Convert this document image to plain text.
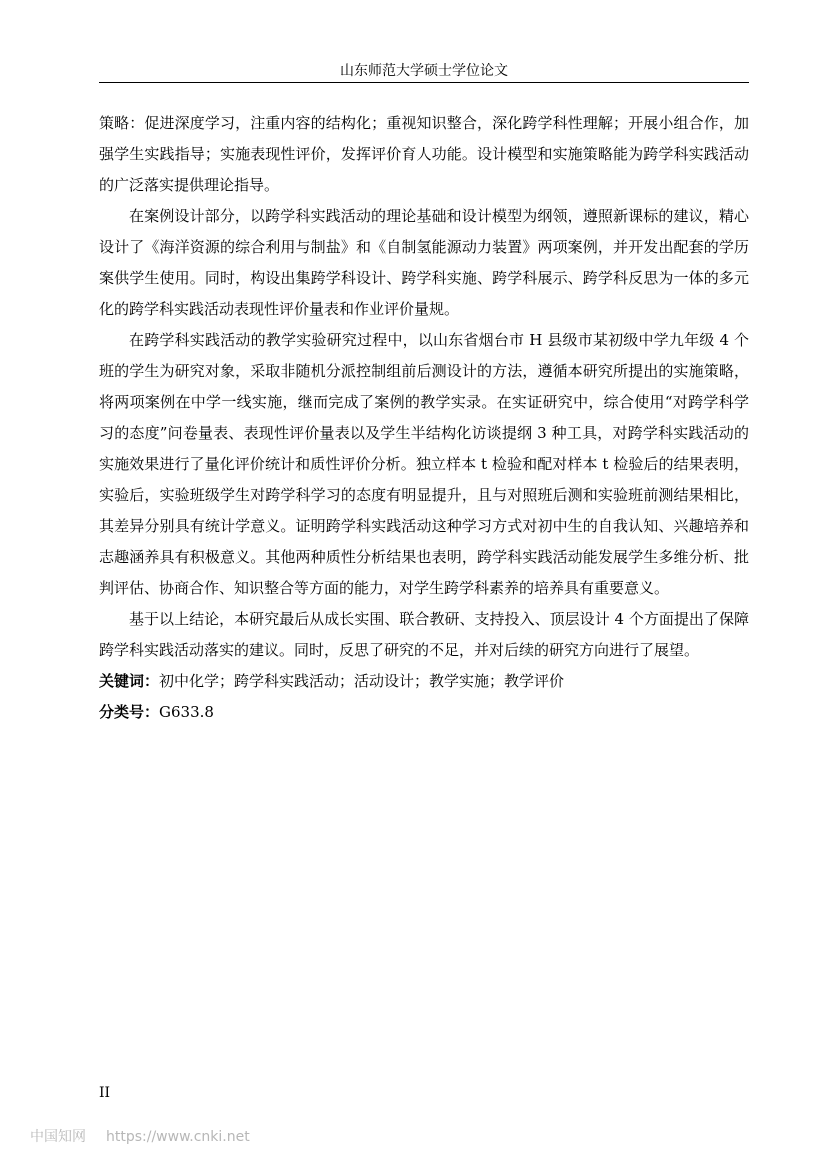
山东师范大学硕士学位论文

策略：促进深度学习，注重内容的结构化；重视知识整合，深化跨学科性理解；开展小组合作，加强学生实践指导；实施表现性评价，发挥评价育人功能。设计模型和实施策略能为跨学科实践活动的广泛落实提供理论指导。

在案例设计部分，以跨学科实践活动的理论基础和设计模型为纲领，遵照新课标的建议，精心设计了《海洋资源的综合利用与制盐》和《自制氢能源动力装置》两项案例，并开发出配套的学历案供学生使用。同时，构设出集跨学科设计、跨学科实施、跨学科展示、跨学科反思为一体的多元化的跨学科实践活动表现性评价量表和作业评价量规。

在跨学科实践活动的教学实验研究过程中，以山东省烟台市 H 县级市某初级中学九年级 4 个班的学生为研究对象，采取非随机分派控制组前后测设计的方法，遵循本研究所提出的实施策略，将两项案例在中学一线实施，继而完成了案例的教学实录。在实证研究中，综合使用“对跨学科学习的态度”问卷量表、表现性评价量表以及学生半结构化访谈提纲 3 种工具，对跨学科实践活动的实施效果进行了量化评价统计和质性评价分析。独立样本 t 检验和配对样本 t 检验后的结果表明，实验后，实验班级学生对跨学科学习的态度有明显提升，且与对照班后测和实验班前测结果相比，其差异分别具有统计学意义。证明跨学科实践活动这种学习方式对初中生的自我认知、兴趣培养和志趣涵养具有积极意义。其他两种质性分析结果也表明，跨学科实践活动能发展学生多维分析、批判评估、协商合作、知识整合等方面的能力，对学生跨学科素养的培养具有重要意义。

基于以上结论，本研究最后从成长实围、联合教研、支持投入、顶层设计 4 个方面提出了保障跨学科实践活动落实的建议。同时，反思了研究的不足，并对后续的研究方向进行了展望。

关键词：初中化学；跨学科实践活动；活动设计；教学实施；教学评价

分类号：G633.8

II
中国知网 https://www.cnki.net
